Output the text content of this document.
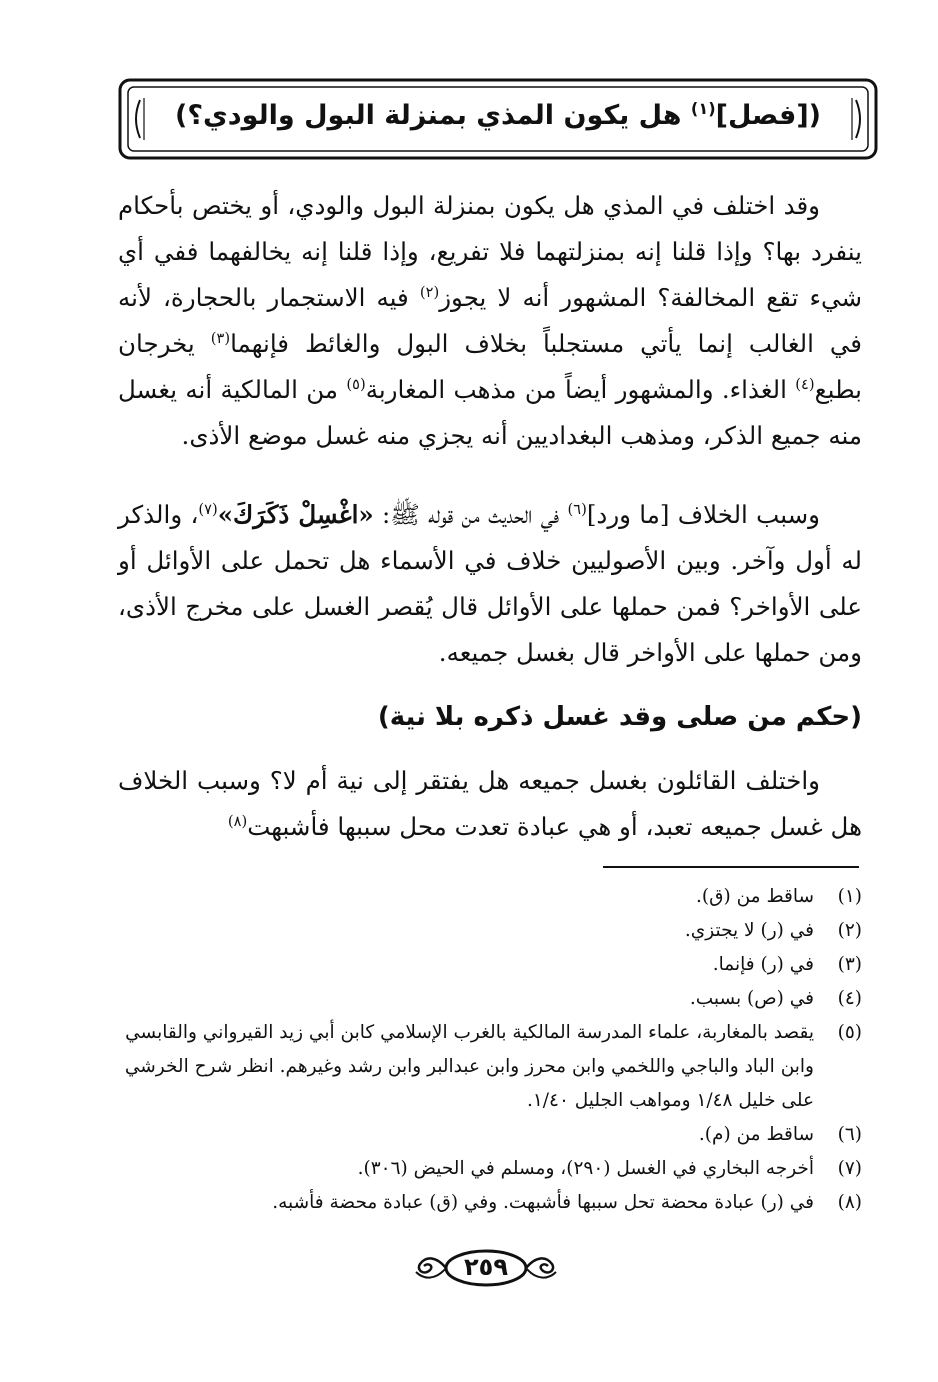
([فصل]$^{(١)}$ هل يكون المذي بمنزلة البول والودي؟)
وقد اختلف في المذي هل يكون بمنزلة البول والودي، أو يختص بأحكام ينفرد بها؟ وإذا قلنا إنه بمنزلتهما فلا تفريع، وإذا قلنا إنه يخالفهما ففي أي شيء تقع المخالفة؟ المشهور أنه لا يجوز$^{(٢)}$ فيه الاستجمار بالحجارة، لأنه في الغالب إنما يأتي مستجلباً بخلاف البول والغائط فإنهما$^{(٣)}$ يخرجان بطبع$^{(٤)}$ الغذاء. والمشهور أيضاً من مذهب المغاربة$^{(٥)}$ من المالكية أنه يغسل منه جميع الذكر، ومذهب البغداديين أنه يجزي منه غسل موضع الأذى.
وسبب الخلاف [ما ورد]$^{(٦)}$ في الحديث من قوله ﷺ: «اغْسِلْ ذَكَرَكَ»$^{(٧)}$، والذكر له أول وآخر. وبين الأصوليين خلاف في الأسماء هل تحمل على الأوائل أو على الأواخر؟ فمن حملها على الأوائل قال يُقصر الغسل على مخرج الأذى، ومن حملها على الأواخر قال بغسل جميعه.
(حكم من صلى وقد غسل ذكره بلا نية)
واختلف القائلون بغسل جميعه هل يفتقر إلى نية أم لا؟ وسبب الخلاف هل غسل جميعه تعبد، أو هي عبادة تعدت محل سببها فأشبهت$^{(٨)}$
(١)
ساقط من (ق).
(٢)
في (ر) لا يجتزي.
(٣)
في (ر) فإنما.
(٤)
في (ص) بسبب.
(٥)
يقصد بالمغاربة، علماء المدرسة المالكية بالغرب الإسلامي كابن أبي زيد القيرواني والقابسي وابن الباد والباجي واللخمي وابن محرز وابن عبدالبر وابن رشد وغيرهم. انظر شرح الخرشي على خليل ١/٤٨ ومواهب الجليل ١/٤٠.
(٦)
ساقط من (م).
(٧)
أخرجه البخاري في الغسل (٢٩٠)، ومسلم في الحيض (٣٠٦).
(٨)
في (ر) عبادة محضة تحل سببها فأشبهت. وفي (ق) عبادة محضة فأشبه.
٢٥٩
